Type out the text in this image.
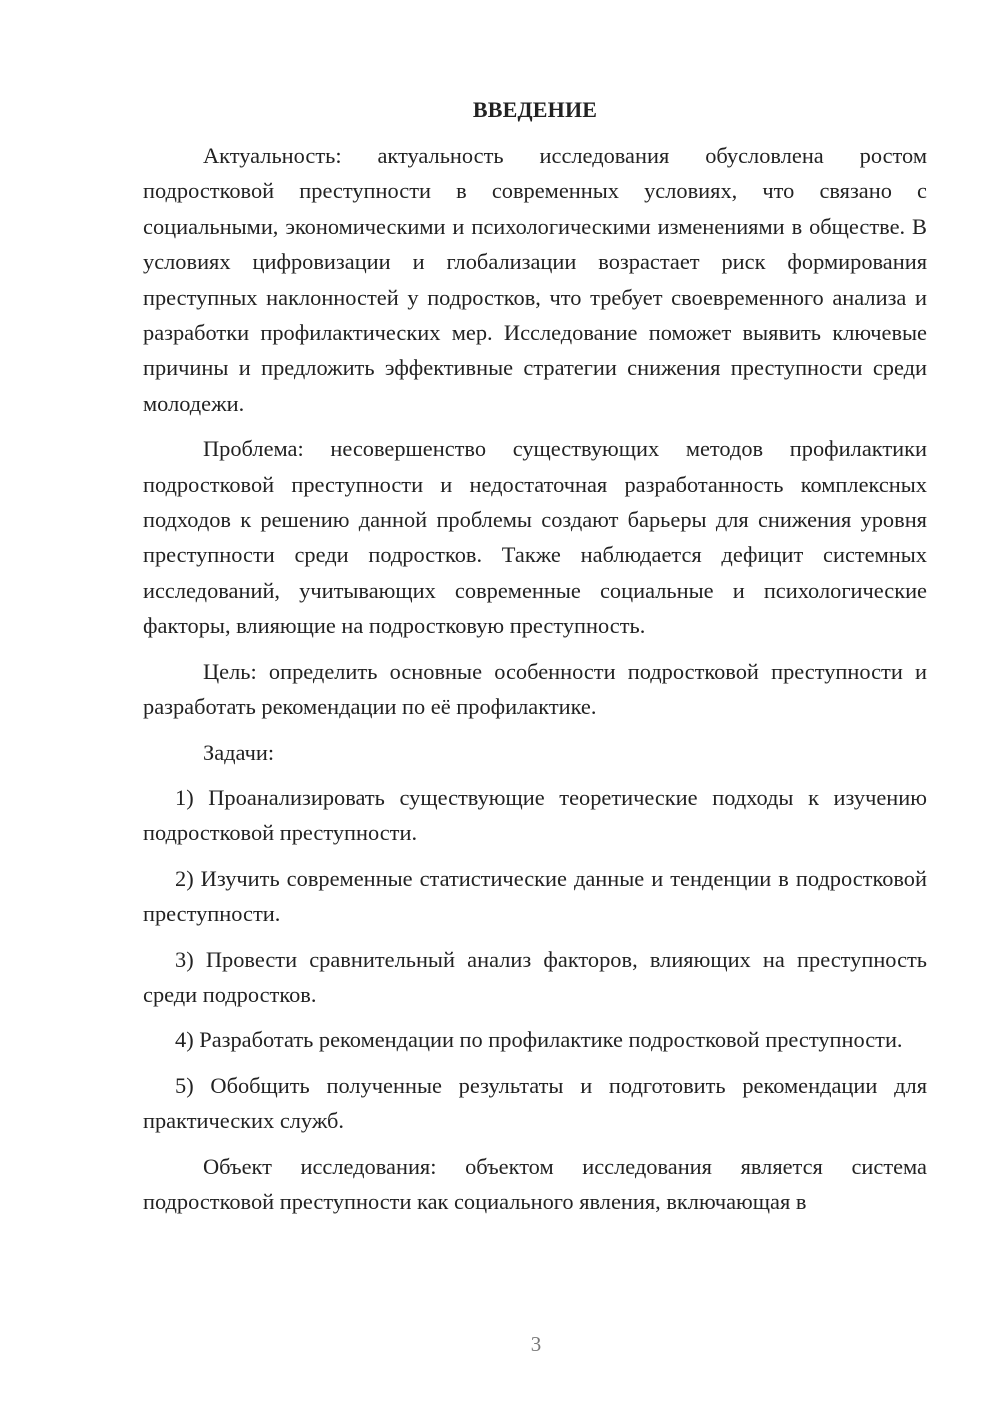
ВВЕДЕНИЕ

Актуальность: актуальность исследования обусловлена ростом подростковой преступности в современных условиях, что связано с социальными, экономическими и психологическими изменениями в обществе. В условиях цифровизации и глобализации возрастает риск формирования преступных наклонностей у подростков, что требует своевременного анализа и разработки профилактических мер. Исследование поможет выявить ключевые причины и предложить эффективные стратегии снижения преступности среди молодежи.

Проблема: несовершенство существующих методов профилактики подростковой преступности и недостаточная разработанность комплексных подходов к решению данной проблемы создают барьеры для снижения уровня преступности среди подростков. Также наблюдается дефицит системных исследований, учитывающих современные социальные и психологические факторы, влияющие на подростковую преступность.

Цель: определить основные особенности подростковой преступности и разработать рекомендации по её профилактике.

Задачи:

1) Проанализировать существующие теоретические подходы к изучению подростковой преступности.

2) Изучить современные статистические данные и тенденции в подростковой преступности.

3) Провести сравнительный анализ факторов, влияющих на преступность среди подростков.

4) Разработать рекомендации по профилактике подростковой преступности.

5) Обобщить полученные результаты и подготовить рекомендации для практических служб.

Объект исследования: объектом исследования является система подростковой преступности как социального явления, включающая в

3
